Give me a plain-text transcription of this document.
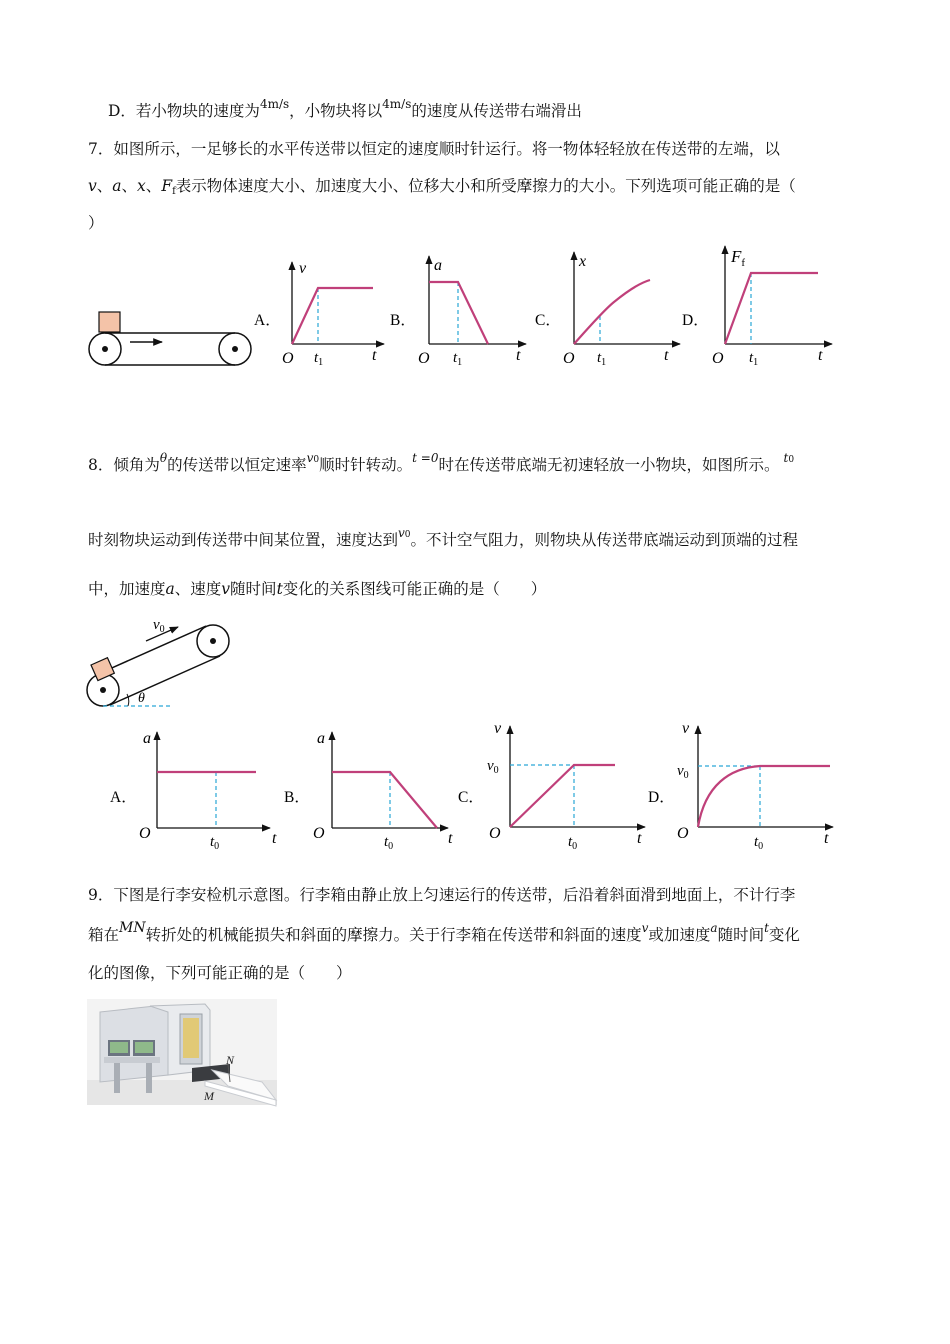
D．若小物块的速度为$^{4m/s}$，小物块将以$^{4m/s}$的速度从传送带右端滑出
7．如图所示，一足够长的水平传送带以恒定的速度顺时针运行。将一物体轻轻放在传送带的左端，以
v、a、x、$F_f$表示物体速度大小、加速度大小、位移大小和所受摩擦力的大小。下列选项可能正确的是（
）
A．	B．	C．	D．
v
O $t_1$	t
a
O $t_1$	t
x
O $t_1$	t
$F_f$
O $t_1$	t
$v_0$
θ
A．	B．	C．	D．
a
O	$t_0$	t
a
O	$t_0$	t
v
$v_0$
O	$t_0$	t
v
$v_0$
O	$t_0$	t
N
M
8．倾角为$^\theta$的传送带以恒定速率$^{v0}$顺时针转动。$^{t =0}$时在传送带底端无初速轻放一小物块，如图所示。 $^{t0}$
时刻物块运动到传送带中间某位置，速度达到$^{v0}$。不计空气阻力，则物块从传送带底端运动到顶端的过程
中，加速度a、速度v随时间t变化的关系图线可能正确的是（　　）
9．下图是行李安检机示意图。行李箱由静止放上匀速运行的传送带，后沿着斜面滑到地面上，不计行李
箱在MN转折处的机械能损失和斜面的摩擦力。关于行李箱在传送带和斜面的速度$^v$或加速度$^a$随时间$^t$变化
化的图像，下列可能正确的是（　　）
